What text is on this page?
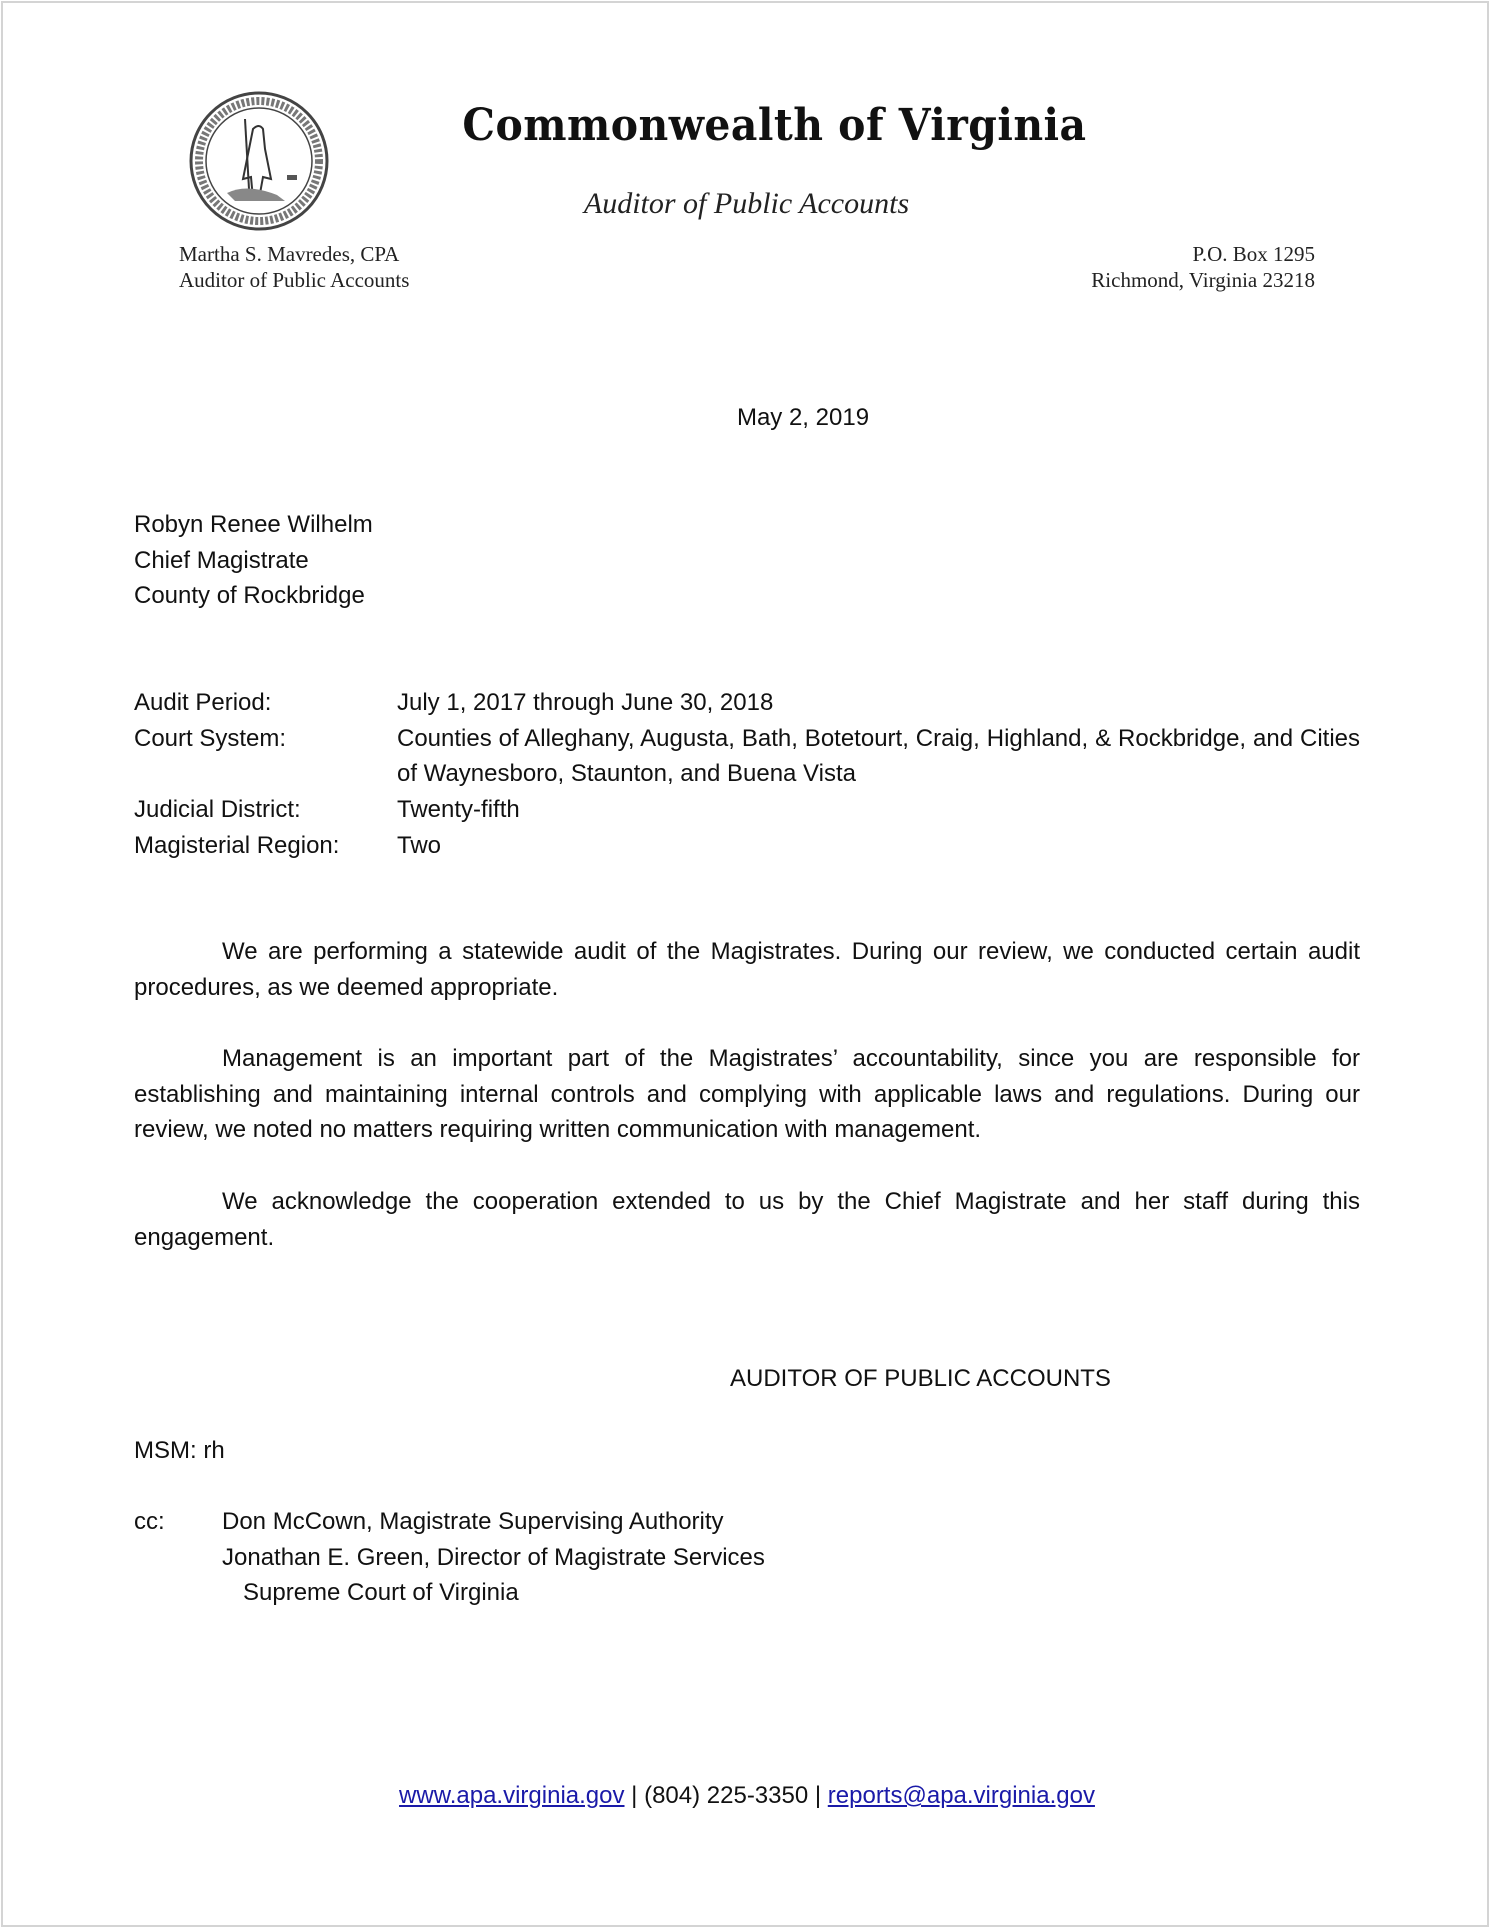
Commonwealth of Virginia
Auditor of Public Accounts
Martha S. Mavredes, CPA
Auditor of Public Accounts
P.O. Box 1295
Richmond, Virginia 23218
May 2, 2019
Robyn Renee Wilhelm
Chief Magistrate
County of Rockbridge
Audit Period:	July 1, 2017 through June 30, 2018
Court System:	Counties of Alleghany, Augusta, Bath, Botetourt, Craig, Highland, & Rockbridge, and Cities of Waynesboro, Staunton, and Buena Vista
Judicial District:	Twenty-fifth
Magisterial Region:	Two
We are performing a statewide audit of the Magistrates. During our review, we conducted certain audit procedures, as we deemed appropriate.
Management is an important part of the Magistrates’ accountability, since you are responsible for establishing and maintaining internal controls and complying with applicable laws and regulations. During our review, we noted no matters requiring written communication with management.
We acknowledge the cooperation extended to us by the Chief Magistrate and her staff during this engagement.
AUDITOR OF PUBLIC ACCOUNTS
MSM: rh
cc: Don McCown, Magistrate Supervising Authority
Jonathan E. Green, Director of Magistrate Services
Supreme Court of Virginia
www.apa.virginia.gov | (804) 225-3350 | reports@apa.virginia.gov
